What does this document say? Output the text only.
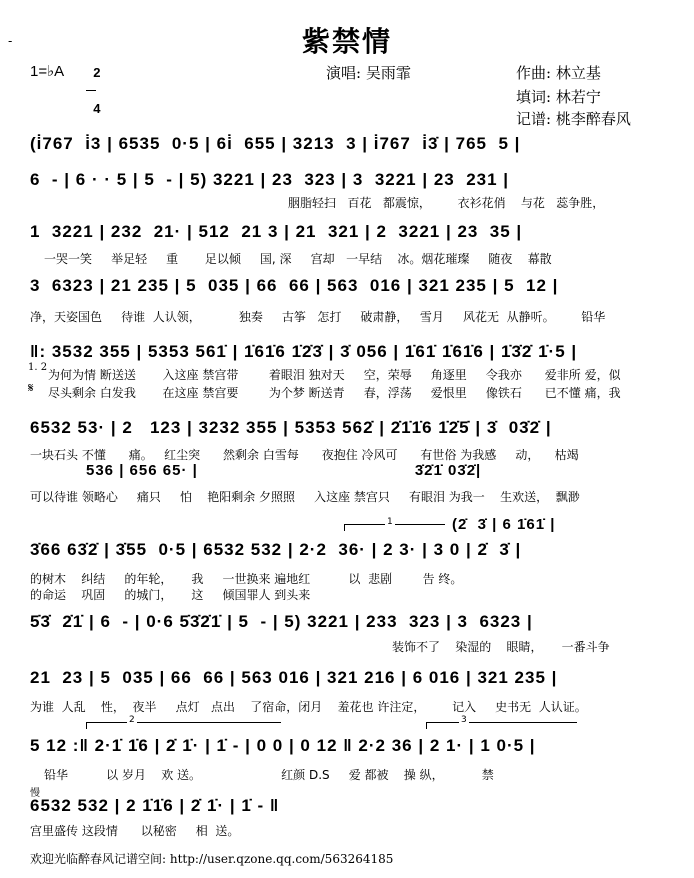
-	紫禁情
1=♭A	2

4

演唱: 吴雨霏	作曲: 林立基
填词: 林若宁
记谱: 桃李醉春风
(i̇767  i̇3 | 6535  0·5 | 6i̇  655 | 3213  3 | i̇767  i̇3̇ | 765  5 |
6  - | 6 · · 5 | 5  - | 5) 3221 | 23  323 | 3  3221 | 23  231 |
胭脂轻扫   百花   都震惊，       衣衫花俏    与花   蕊争胜，
1  3221 | 232  21· | 512  21 3 | 21  321 | 2  3221 | 23  35 |
一哭一笑     举足轻     重       足以倾     国, 深     宫却   一早结    冰。烟花璀璨     随夜    幕散
3  6323 | 21 235 | 5  035 | 66  66 | 563  016 | 321 235 | 5  12 |
净，天姿国色     待谁  人认领，          独奏     古筝   怎打     破肃静，   雪月     风花无  从静听。       铅华
‖: 3532 355 | 5353 561̇ | 1̇61̇6 1̇2̇3̇ | 3̇ 056 | 1̇61̇ 1̇61̇6 | 1̇3̇2̇ 1̇·5 |
1. 2
为何为情 断送送       入这座 禁宫带        着眼泪 独对天     空，荣辱     角逐里     令我亦      爱非所 爱，似
𝄋 尽头剩余 白发我       在这座 禁宫要        为个梦 断送青     春，浮荡     爱恨里     像铁石      已不懂 痛，我
6532 53· | 2   123 | 3232 355 | 5353 562̇ | 2̇1̇1̇6 1̇2̇5̇ | 3̇  03̇2̇ |
一块石头 不懂      痛。   红尘突      然剩余 白雪每      夜抱住 冷风可      有世俗 为我感     动，    枯竭
536 | 656 65· |                                          3̇2̇1̇ 03̇2̇|
可以待谁 领略心     痛只     怕    艳阳剩余 夕照照     入这座 禁宫只     有眼泪 为我一    生欢送，  飘渺
1	(2̇  3̇ | 6 1̇61̇ |
3̇66 63̇2̇ | 3̇55  0·5 | 6532 532 | 2·2  36· | 2 3· | 3 0 | 2̇  3̇ |
的树木    纠结     的年轮，     我     一世换来 遍地红          以  悲剧        告 终。
的命运    巩固     的城门，     这     倾国罪人 到头来
5̇3̇  2̇1̇ | 6  - | 0·6 5̇3̇2̇1̇ | 5  - | 5) 3221 | 233  323 | 3  6323 |
装饰不了    染湿的    眼睛，     一番斗争
21  23 | 5  035 | 66  66 | 563 016 | 321 216 | 6 016 | 321 235 |
为谁  人乱    性，  夜半     点灯   点出    了宿命，闭月    羞花也 许注定，       记入     史书无  人认证。
2	3
5 12 :‖ 2·1̇ 1̇6 | 2̇ 1̇· | 1̇ - | 0 0 | 0 12 ‖ 2·2 36 | 2 1· | 1 0·5 |
铅华          以 岁月    欢 送。                     红颜 D.S     爱 都被    操 纵，          禁
慢
6532 532 | 2 1̇1̇6 | 2̇ 1̇· | 1̇ - ‖
宫里盛传 这段情      以秘密     相  送。
欢迎光临醉春风记谱空间: http://user.qzone.qq.com/563264185
